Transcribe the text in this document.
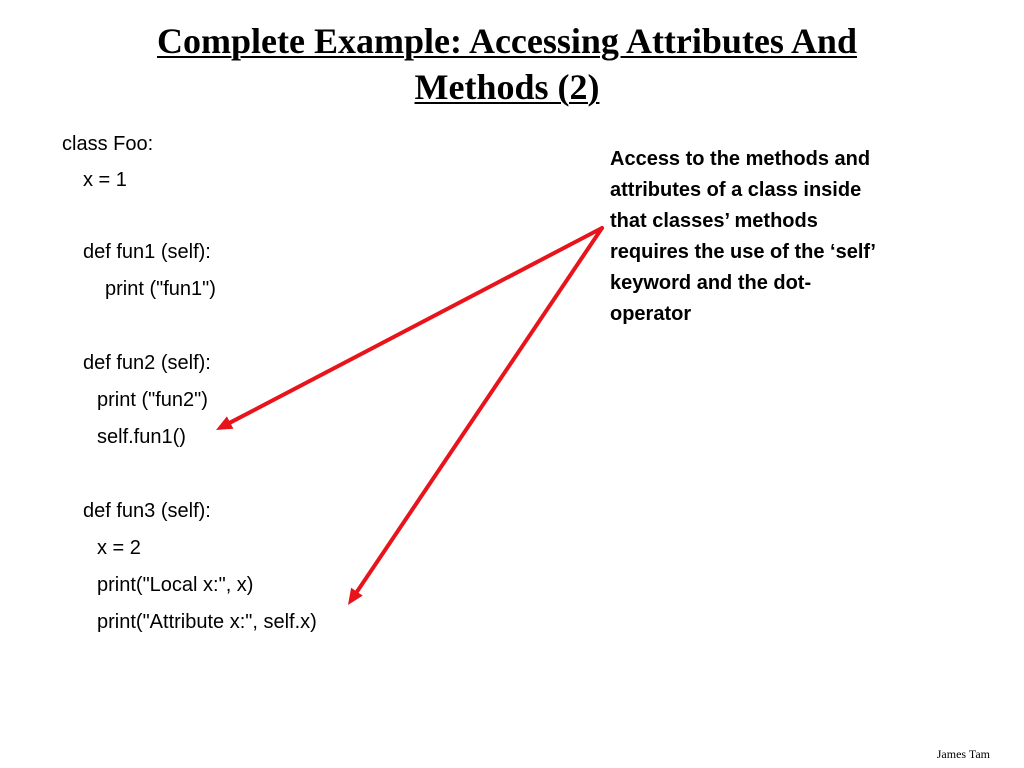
Complete Example: Accessing Attributes And
Methods (2)
class Foo:
x = 1
def fun1 (self):
print ("fun1")
def fun2 (self):
print ("fun2")
self.fun1()
def fun3 (self):
x = 2
print("Local x:", x)
print("Attribute x:", self.x)
Access to the methods and
attributes of a class inside
that classes’ methods
requires the use of the ‘self’
keyword and the dot-
operator
James Tam
